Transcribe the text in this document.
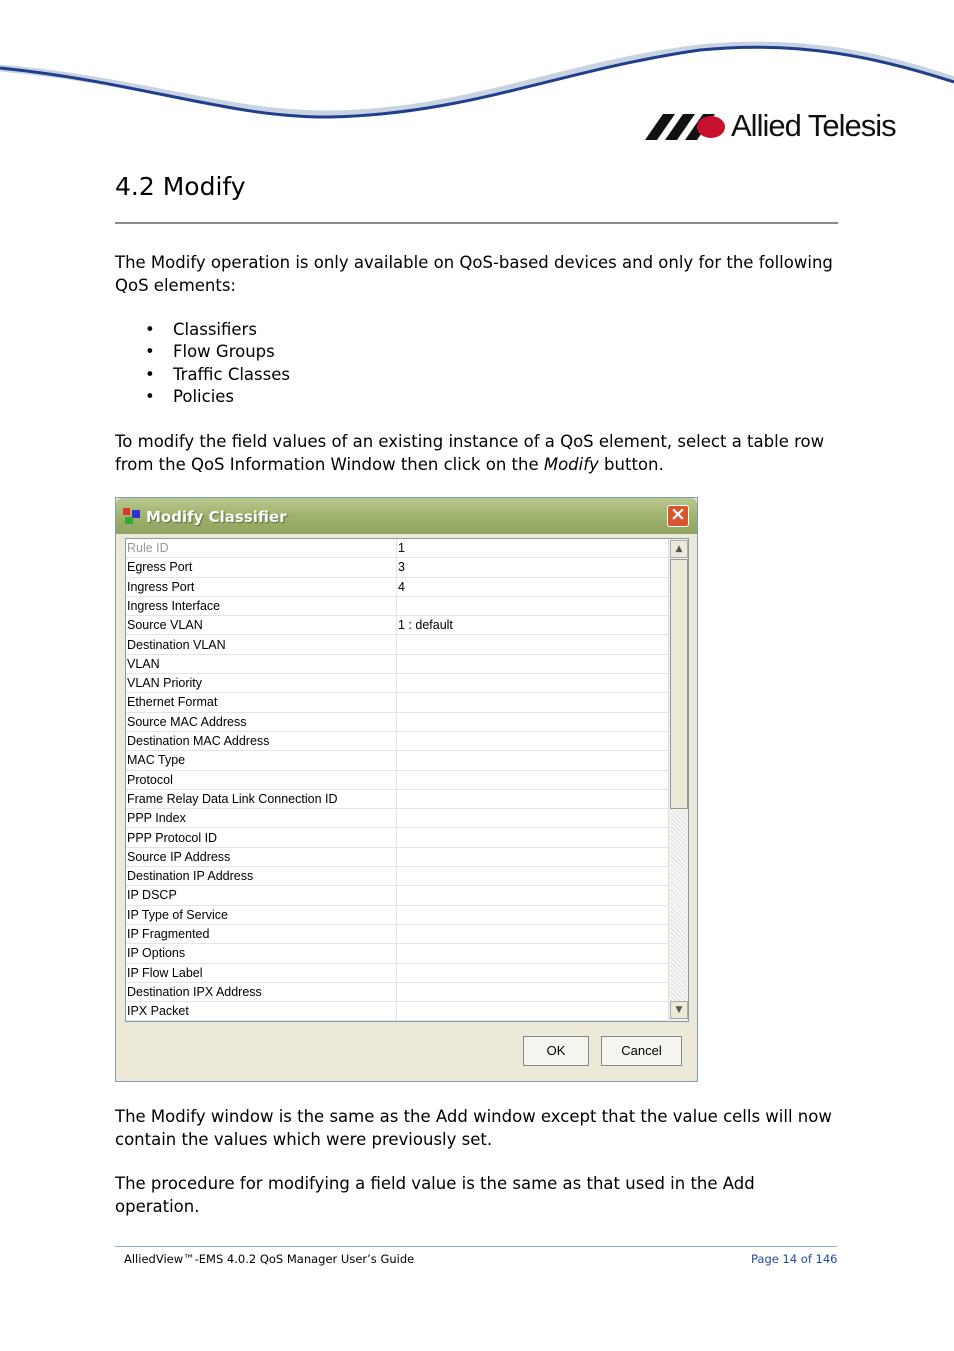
Allied Telesis
4.2 Modify
The Modify operation is only available on QoS-based devices and only for the following QoS elements:
•	Classifiers
•	Flow Groups
•	Traffic Classes
•	Policies
To modify the field values of an existing instance of a QoS element, select a table row from the QoS Information Window then click on the Modify button.
Modify Classifier	×
Rule ID	1
Egress Port	3
Ingress Port	4
Ingress Interface
Source VLAN	1 : default
Destination VLAN
VLAN
VLAN Priority
Ethernet Format
Source MAC Address
Destination MAC Address
MAC Type
Protocol
Frame Relay Data Link Connection ID
PPP Index
PPP Protocol ID
Source IP Address
Destination IP Address
IP DSCP
IP Type of Service
IP Fragmented
IP Options
IP Flow Label
Destination IPX Address
IPX Packet
▲
▼
OK	Cancel
The Modify window is the same as the Add window except that the value cells will now contain the values which were previously set.
The procedure for modifying a field value is the same as that used in the Add operation.
AlliedView™-EMS 4.0.2 QoS Manager User’s Guide	Page 14 of 146
